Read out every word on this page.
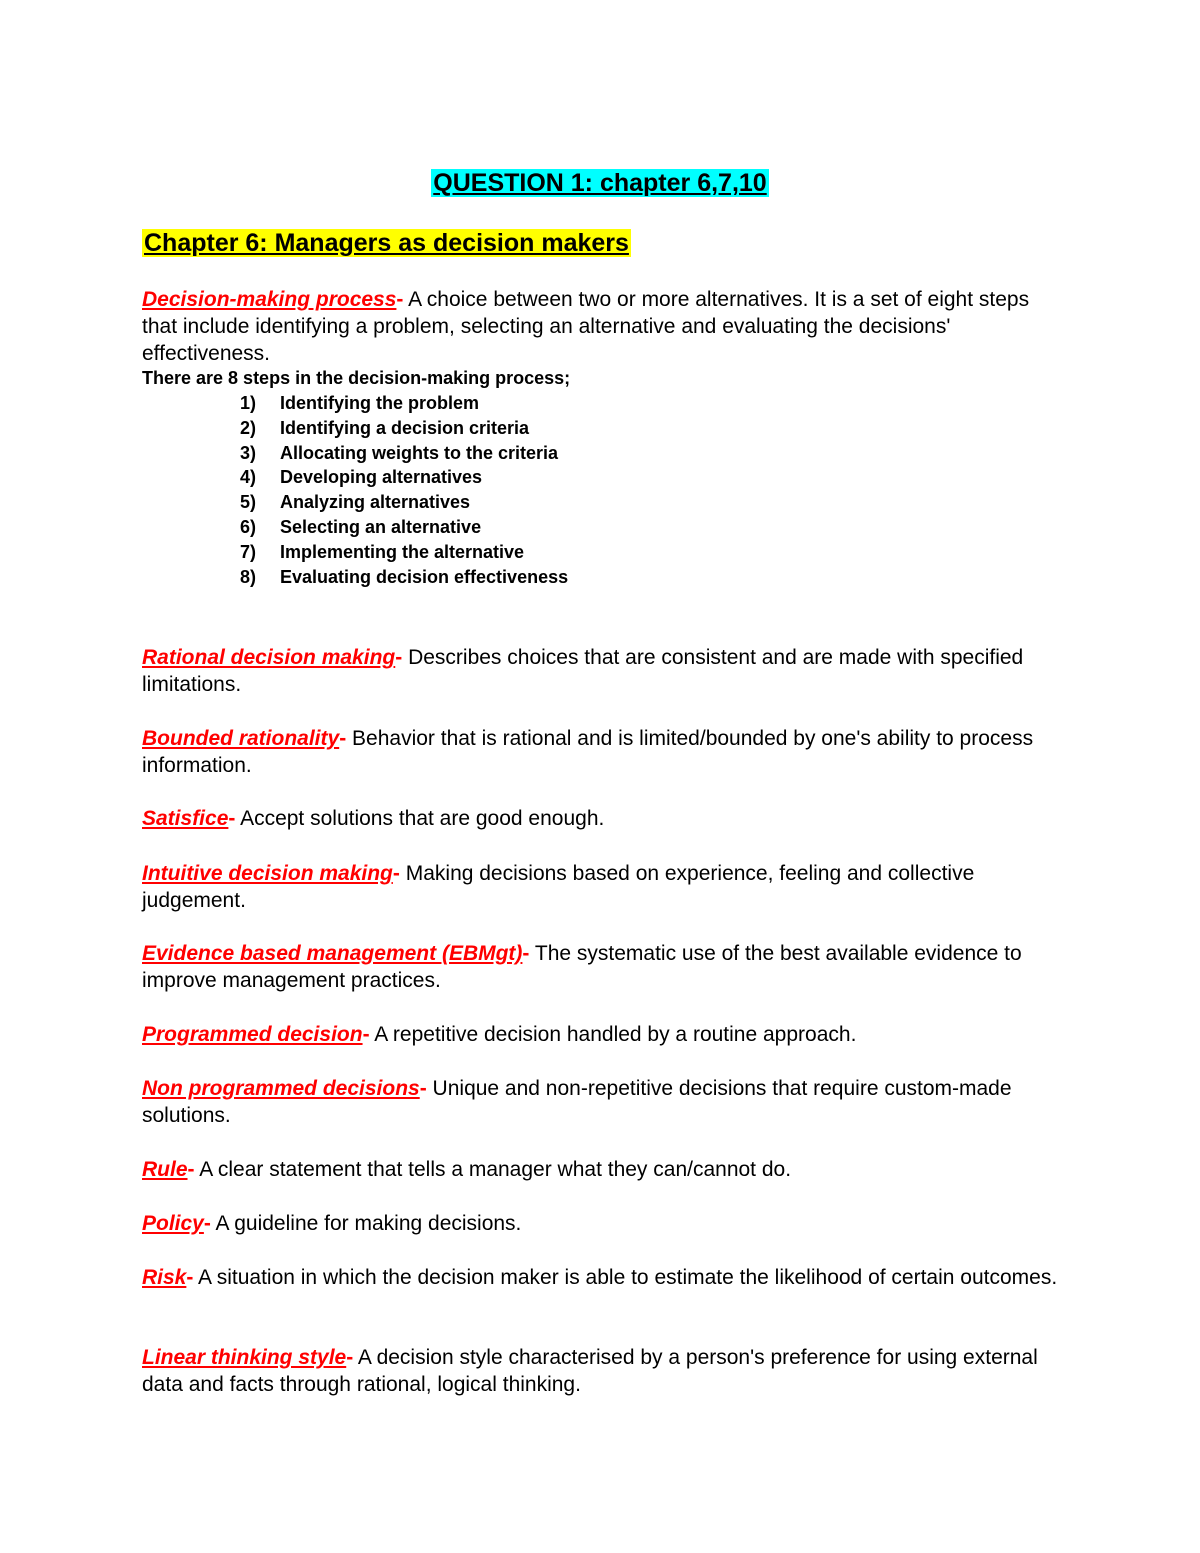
QUESTION 1: chapter 6,7,10
Chapter 6: Managers as decision makers
Decision-making process- A choice between two or more alternatives. It is a set of eight steps that include identifying a problem, selecting an alternative and evaluating the decisions' effectiveness.
There are 8 steps in the decision-making process;
1)	Identifying the problem
2)	Identifying a decision criteria
3)	Allocating weights to the criteria
4)	Developing alternatives
5)	Analyzing alternatives
6)	Selecting an alternative
7)	Implementing the alternative
8)	Evaluating decision effectiveness
Rational decision making- Describes choices that are consistent and are made with specified limitations.
Bounded rationality- Behavior that is rational and is limited/bounded by one's ability to process information.
Satisfice- Accept solutions that are good enough.
Intuitive decision making- Making decisions based on experience, feeling and collective judgement.
Evidence based management (EBMgt)- The systematic use of the best available evidence to improve management practices.
Programmed decision- A repetitive decision handled by a routine approach.
Non programmed decisions- Unique and non-repetitive decisions that require custom-made solutions.
Rule- A clear statement that tells a manager what they can/cannot do.
Policy- A guideline for making decisions.
Risk- A situation in which the decision maker is able to estimate the likelihood of certain outcomes.
Linear thinking style- A decision style characterised by a person's preference for using external data and facts through rational, logical thinking.
